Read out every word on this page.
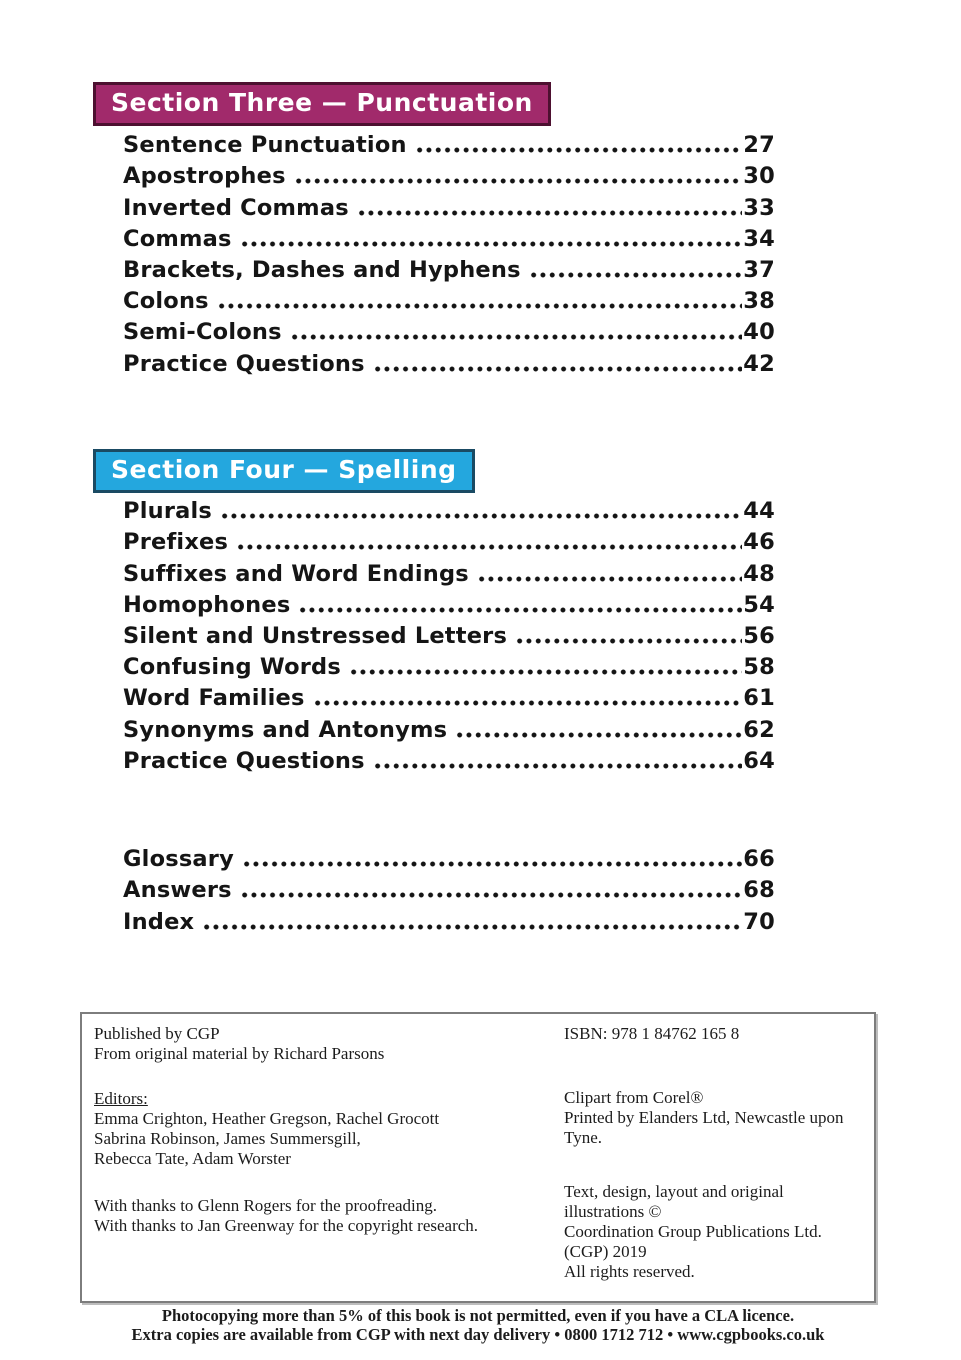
Section Three — Punctuation
Sentence Punctuation	27
Apostrophes	30
Inverted Commas	33
Commas	34
Brackets, Dashes and Hyphens	37
Colons	38
Semi-Colons	40
Practice Questions	42
Section Four — Spelling
Plurals	44
Prefixes	46
Suffixes and Word Endings	48
Homophones	54
Silent and Unstressed Letters	56
Confusing Words	58
Word Families	61
Synonyms and Antonyms	62
Practice Questions	64
Glossary	66
Answers	68
Index	70

Published by CGP
From original material by Richard Parsons

Editors:
Emma Crighton, Heather Gregson, Rachel Grocott
Sabrina Robinson, James Summersgill,
Rebecca Tate, Adam Worster

With thanks to Glenn Rogers for the proofreading.
With thanks to Jan Greenway for the copyright research.

ISBN: 978 1 84762 165 8

Clipart from Corel®
Printed by Elanders Ltd, Newcastle upon Tyne.

Text, design, layout and original illustrations ©
Coordination Group Publications Ltd. (CGP) 2019
All rights reserved.

Photocopying more than 5% of this book is not permitted, even if you have a CLA licence.
Extra copies are available from CGP with next day delivery • 0800 1712 712 • www.cgpbooks.co.uk
